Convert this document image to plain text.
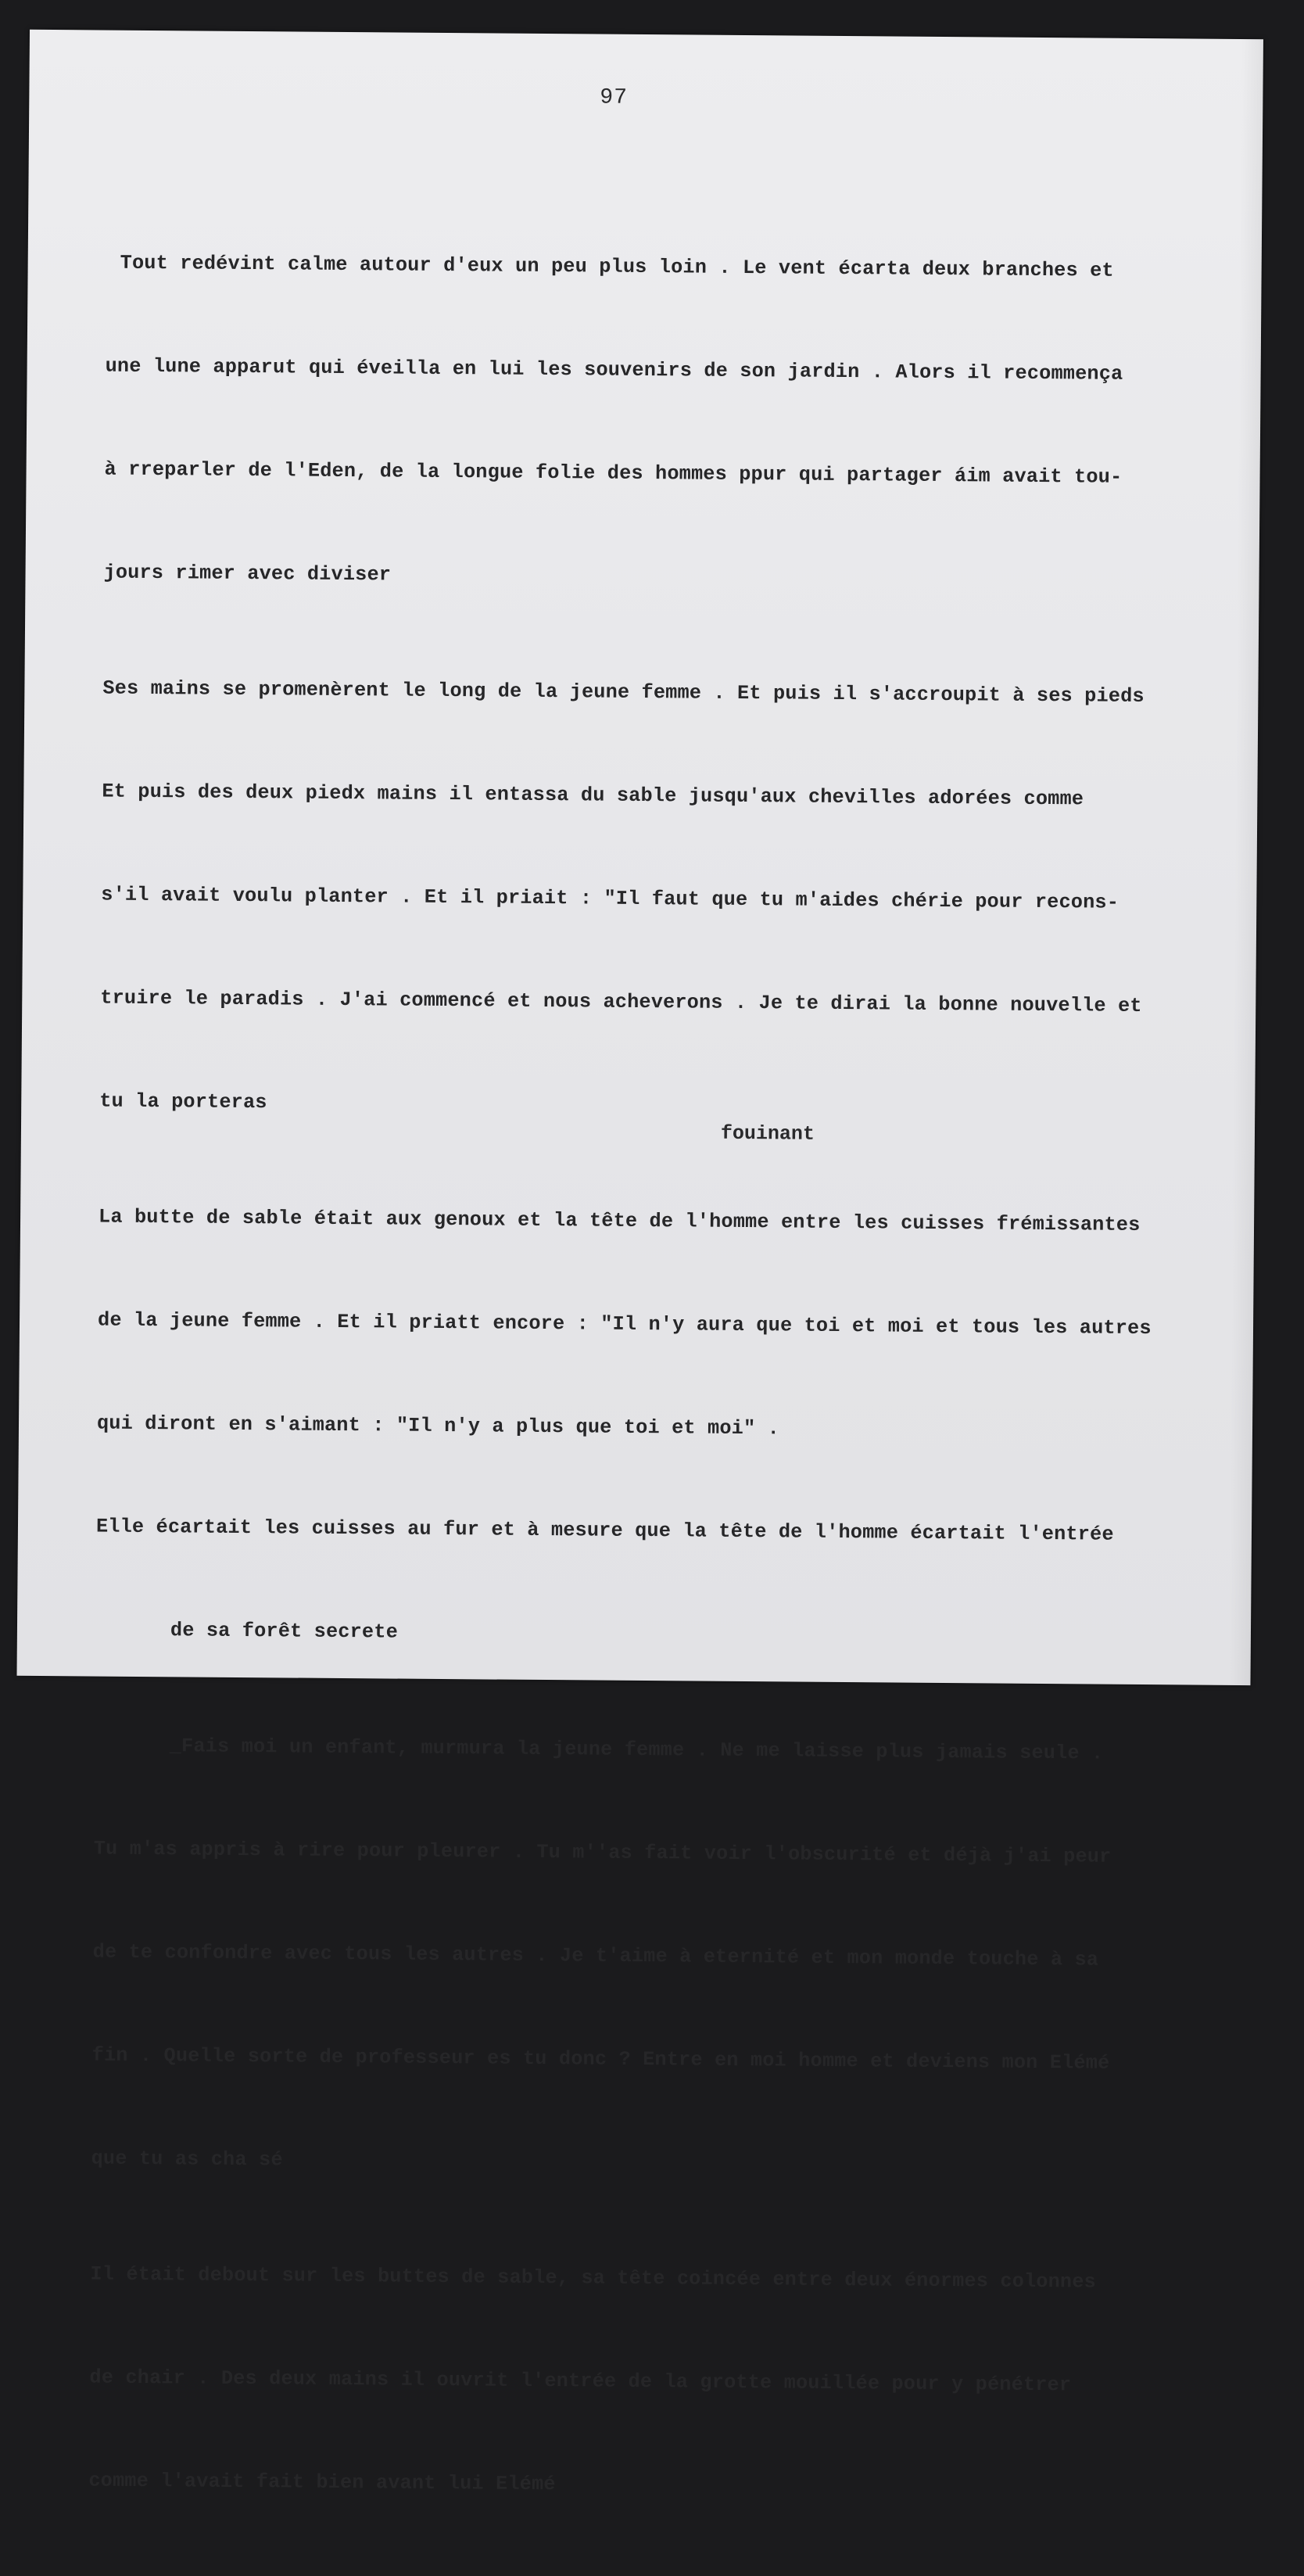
97
fouinant

Tout redévint calme autour d'eux un peu plus loin . Le vent écarta deux branches et

une lune apparut qui éveilla en lui les souvenirs de son jardin . Alors il recommença

à rreparler de l'Eden, de la longue folie des hommes ppur qui partager áim avait tou-

jours rimer avec diviser

Ses mains se promenèrent le long de la jeune femme . Et puis il s'accroupit à ses pieds

Et puis des deux piedx mains il entassa du sable jusqu'aux chevilles adorées comme

s'il avait voulu planter . Et il priait : "Il faut que tu m'aides chérie pour recons-

truire le paradis . J'ai commencé et nous acheverons . Je te dirai la bonne nouvelle et

tu la porteras

La butte de sable était aux genoux et la tête de l'homme entre les cuisses frémissantes

de la jeune femme . Et il priatt encore : "Il n'y aura que toi et moi et tous les autres

qui diront en s'aimant : "Il n'y a plus que toi et moi" .

Elle écartait les cuisses au fur et à mesure que la tête de l'homme écartait l'entrée

de sa forêt secrete

_Fais moi un enfant, murmura la jeune femme . Ne me laisse plus jamais seule .

Tu m'as appris à rire pour pleurer . Tu m''as fait voir l'obscurité et déjà j'ai peur

de te confondre avec tous les autres . Je t'aime à eternité et mon monde touche à sa

fin . Quelle sorte de professeur es tu donc ? Entre en moi homme et deviens mon Elémé

que tu as cha sé

Il était debout sur les buttes de sable, sa tête coincée entre deux énormes colonnes

de chair . Des deux mains il ouvrit l'entrée de la grotte mouillée pour y pénétrer

comme l'avait fait bien avant lui Elémé
